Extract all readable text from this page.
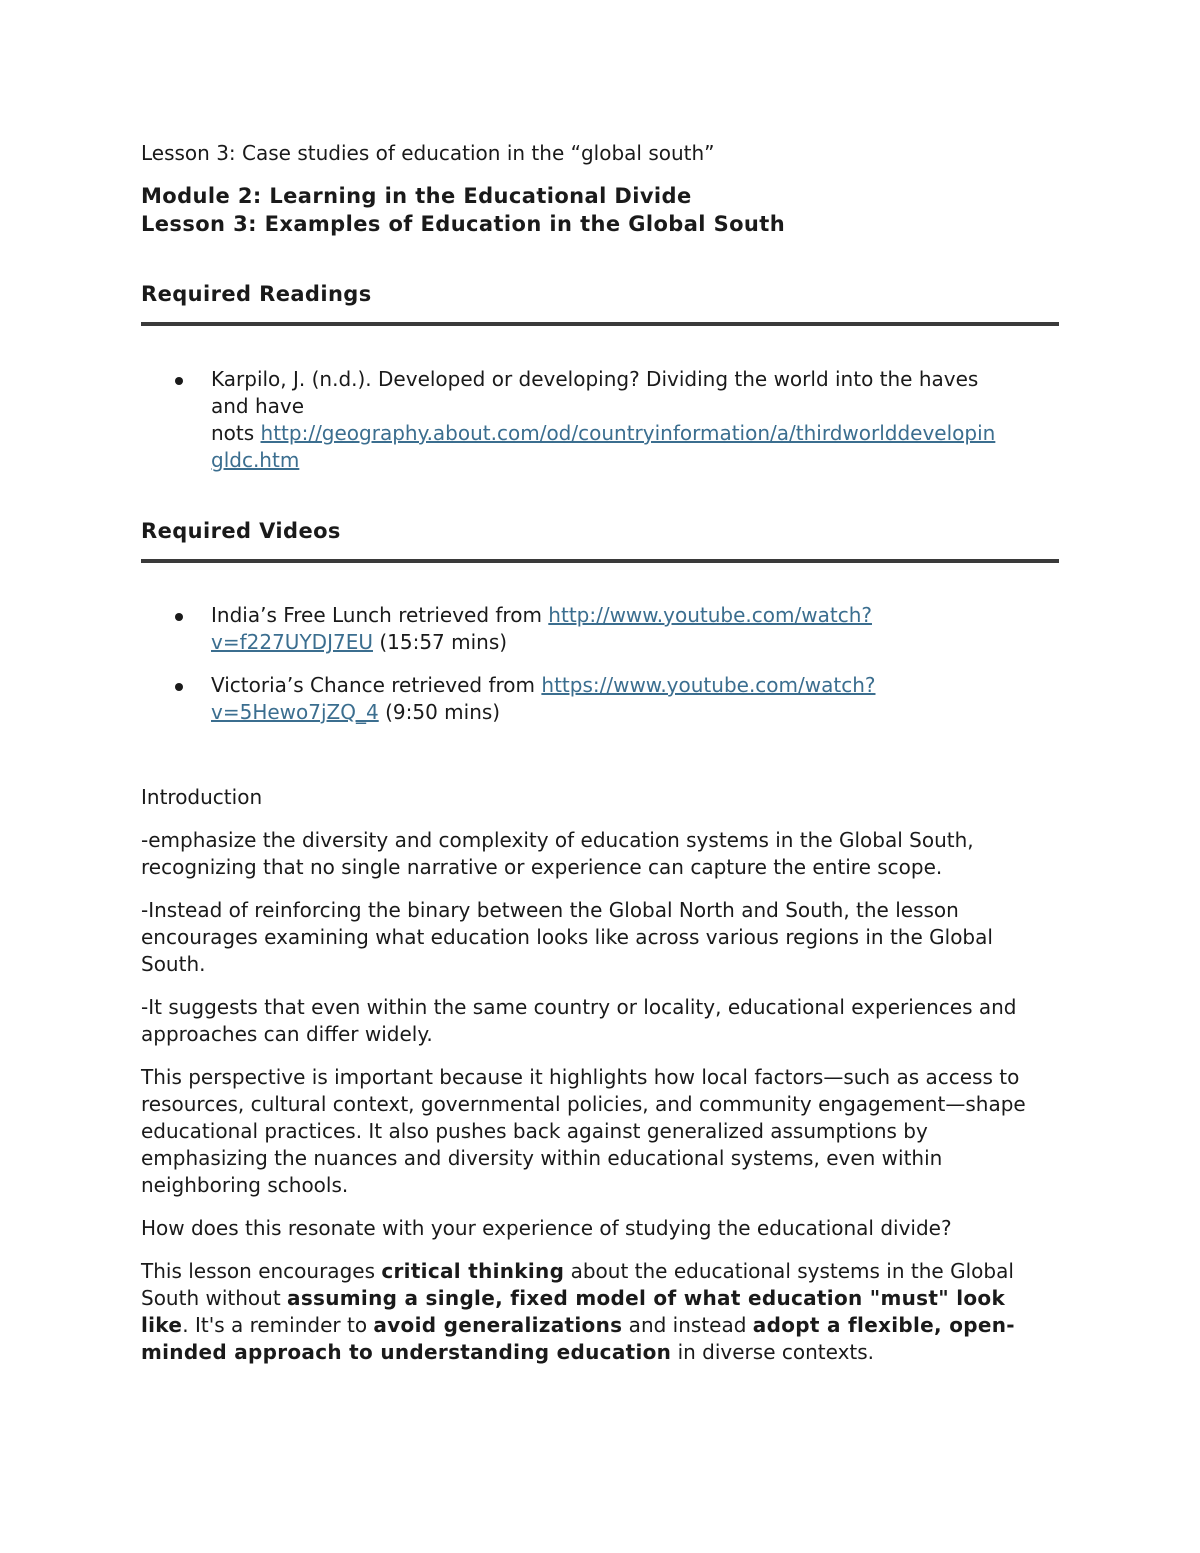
Lesson 3: Case studies of education in the “global south”

Module 2: Learning in the Educational Divide
Lesson 3: Examples of Education in the Global South
Required Readings
Karpilo, J. (n.d.). Developed or developing? Dividing the world into the haves
and have
nots http://geography.about.com/od/countryinformation/a/thirdworlddevelopin
gldc.htm
Required Videos
India’s Free Lunch retrieved from http://www.youtube.com/watch?
v=f227UYDJ7EU (15:57 mins)
Victoria’s Chance retrieved from https://www.youtube.com/watch?
v=5Hewo7jZQ_4 (9:50 mins)

Introduction

-emphasize the diversity and complexity of education systems in the Global South, recognizing that no single narrative or experience can capture the entire scope.

-Instead of reinforcing the binary between the Global North and South, the lesson encourages examining what education looks like across various regions in the Global South.

-It suggests that even within the same country or locality, educational experiences and approaches can differ widely.

This perspective is important because it highlights how local factors—such as access to resources, cultural context, governmental policies, and community engagement—shape educational practices. It also pushes back against generalized assumptions by emphasizing the nuances and diversity within educational systems, even within neighboring schools.

How does this resonate with your experience of studying the educational divide?

This lesson encourages critical thinking about the educational systems in the Global South without assuming a single, fixed model of what education "must" look like. It's a reminder to avoid generalizations and instead adopt a flexible, open-minded approach to understanding education in diverse contexts.
